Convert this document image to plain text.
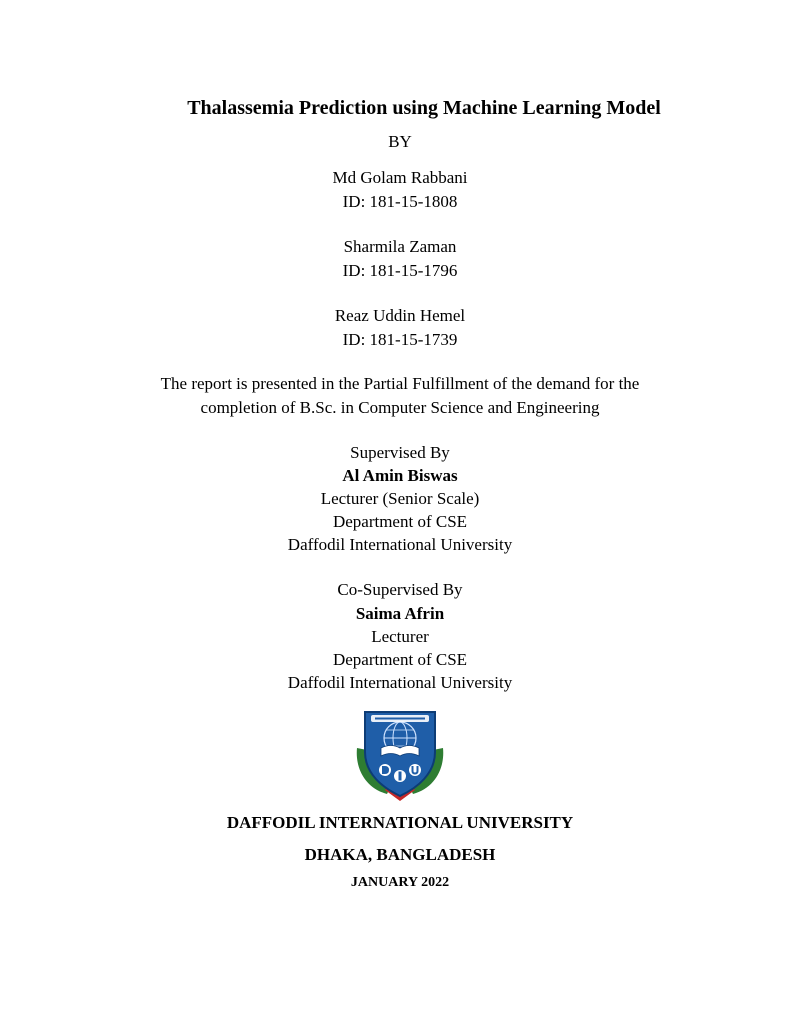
Thalassemia Prediction using Machine Learning Model
BY
Md Golam Rabbani
ID: 181-15-1808
Sharmila Zaman
ID: 181-15-1796
Reaz Uddin Hemel
ID: 181-15-1739
The report is presented in the Partial Fulfillment of the demand for the
completion of B.Sc. in Computer Science and Engineering
Supervised By
Al Amin Biswas
Lecturer (Senior Scale)
Department of CSE
Daffodil International University
Co-Supervised By
Saima Afrin
Lecturer
Department of CSE
Daffodil International University
DAFFODIL INTERNATIONAL UNIVERSITY
DHAKA, BANGLADESH
JANUARY 2022
